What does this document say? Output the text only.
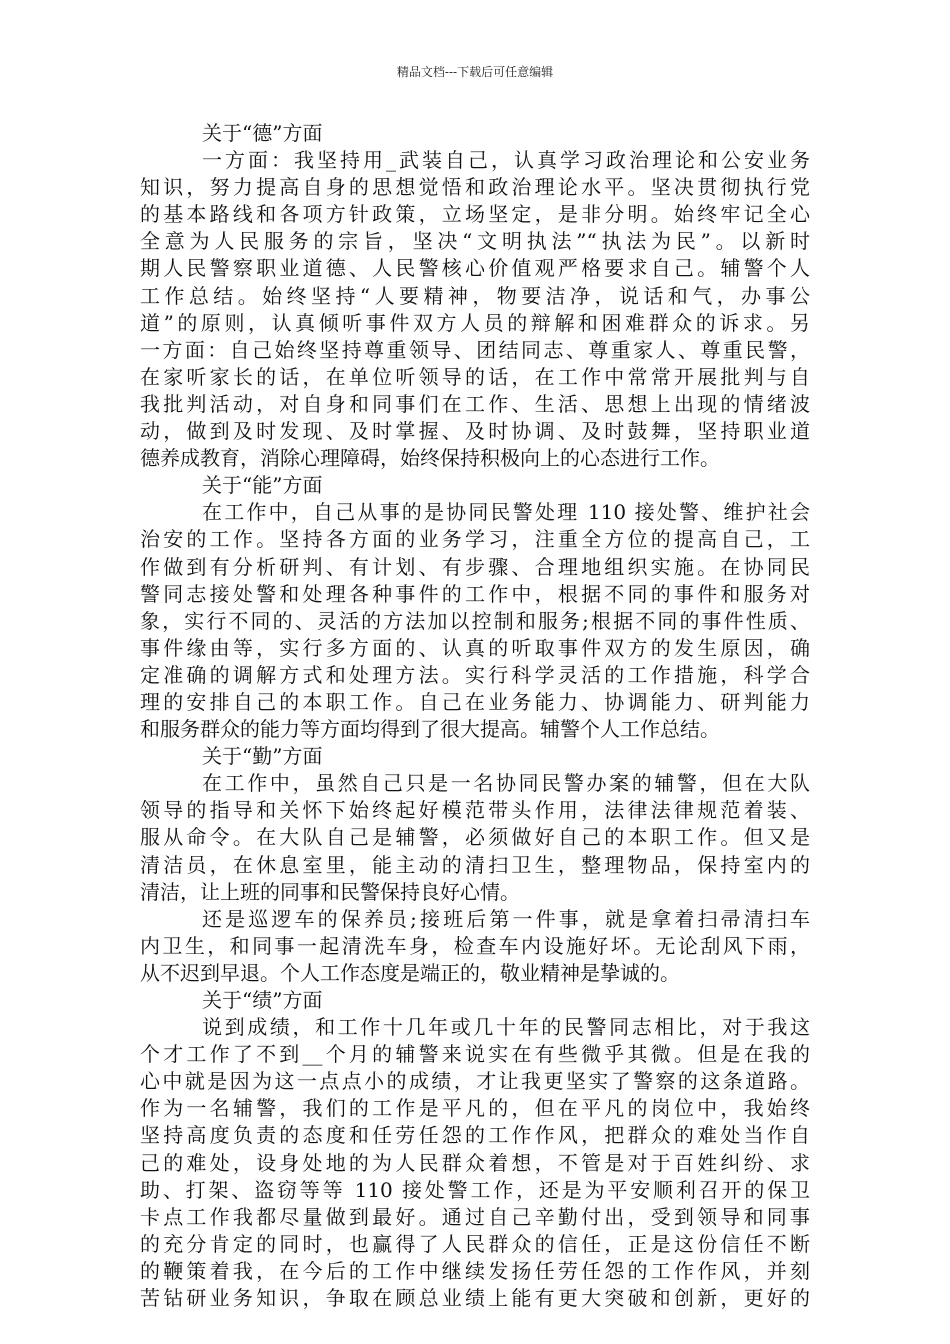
精品文档---下载后可任意编辑
关于“德”方面
一方面：我坚持用_武装自己，认真学习政治理论和公安业务
知识，努力提高自身的思想觉悟和政治理论水平。坚决贯彻执行党
的基本路线和各项方针政策，立场坚定，是非分明。始终牢记全心
全意为人民服务的宗旨，坚决“文明执法”“执法为民”。以新时
期人民警察职业道德、人民警核心价值观严格要求自己。辅警个人
工作总结。始终坚持“人要精神，物要洁净，说话和气，办事公
道”的原则，认真倾听事件双方人员的辩解和困难群众的诉求。另
一方面：自己始终坚持尊重领导、团结同志、尊重家人、尊重民警，
在家听家长的话，在单位听领导的话，在工作中常常开展批判与自
我批判活动，对自身和同事们在工作、生活、思想上出现的情绪波
动，做到及时发现、及时掌握、及时协调、及时鼓舞，坚持职业道
德养成教育，消除心理障碍，始终保持积极向上的心态进行工作。
关于“能”方面
在工作中，自己从事的是协同民警处理 110 接处警、维护社会
治安的工作。坚持各方面的业务学习，注重全方位的提高自己，工
作做到有分析研判、有计划、有步骤、合理地组织实施。在协同民
警同志接处警和处理各种事件的工作中，根据不同的事件和服务对
象，实行不同的、灵活的方法加以控制和服务;根据不同的事件性质、
事件缘由等，实行多方面的、认真的听取事件双方的发生原因，确
定准确的调解方式和处理方法。实行科学灵活的工作措施，科学合
理的安排自己的本职工作。自己在业务能力、协调能力、研判能力
和服务群众的能力等方面均得到了很大提高。辅警个人工作总结。
关于“勤”方面
在工作中，虽然自己只是一名协同民警办案的辅警，但在大队
领导的指导和关怀下始终起好模范带头作用，法律法律规范着装、
服从命令。在大队自己是辅警，必须做好自己的本职工作。但又是
清洁员，在休息室里，能主动的清扫卫生，整理物品，保持室内的
清洁，让上班的同事和民警保持良好心情。
还是巡逻车的保养员;接班后第一件事，就是拿着扫帚清扫车
内卫生，和同事一起清洗车身，检查车内设施好坏。无论刮风下雨，
从不迟到早退。个人工作态度是端正的，敬业精神是挚诚的。
关于“绩”方面
说到成绩，和工作十几年或几十年的民警同志相比，对于我这
个才工作了不到__个月的辅警来说实在有些微乎其微。但是在我的
心中就是因为这一点点小的成绩，才让我更坚实了警察的这条道路。
作为一名辅警，我们的工作是平凡的，但在平凡的岗位中，我始终
坚持高度负责的态度和任劳任怨的工作作风，把群众的难处当作自
己的难处，设身处地的为人民群众着想，不管是对于百姓纠纷、求
助、打架、盗窃等等 110 接处警工作，还是为平安顺利召开的保卫
卡点工作我都尽量做到最好。通过自己辛勤付出，受到领导和同事
的充分肯定的同时，也赢得了人民群众的信任，正是这份信任不断
的鞭策着我，在今后的工作中继续发扬任劳任怨的工作作风，并刻
苦钻研业务知识，争取在顾总业绩上能有更大突破和创新，更好的
